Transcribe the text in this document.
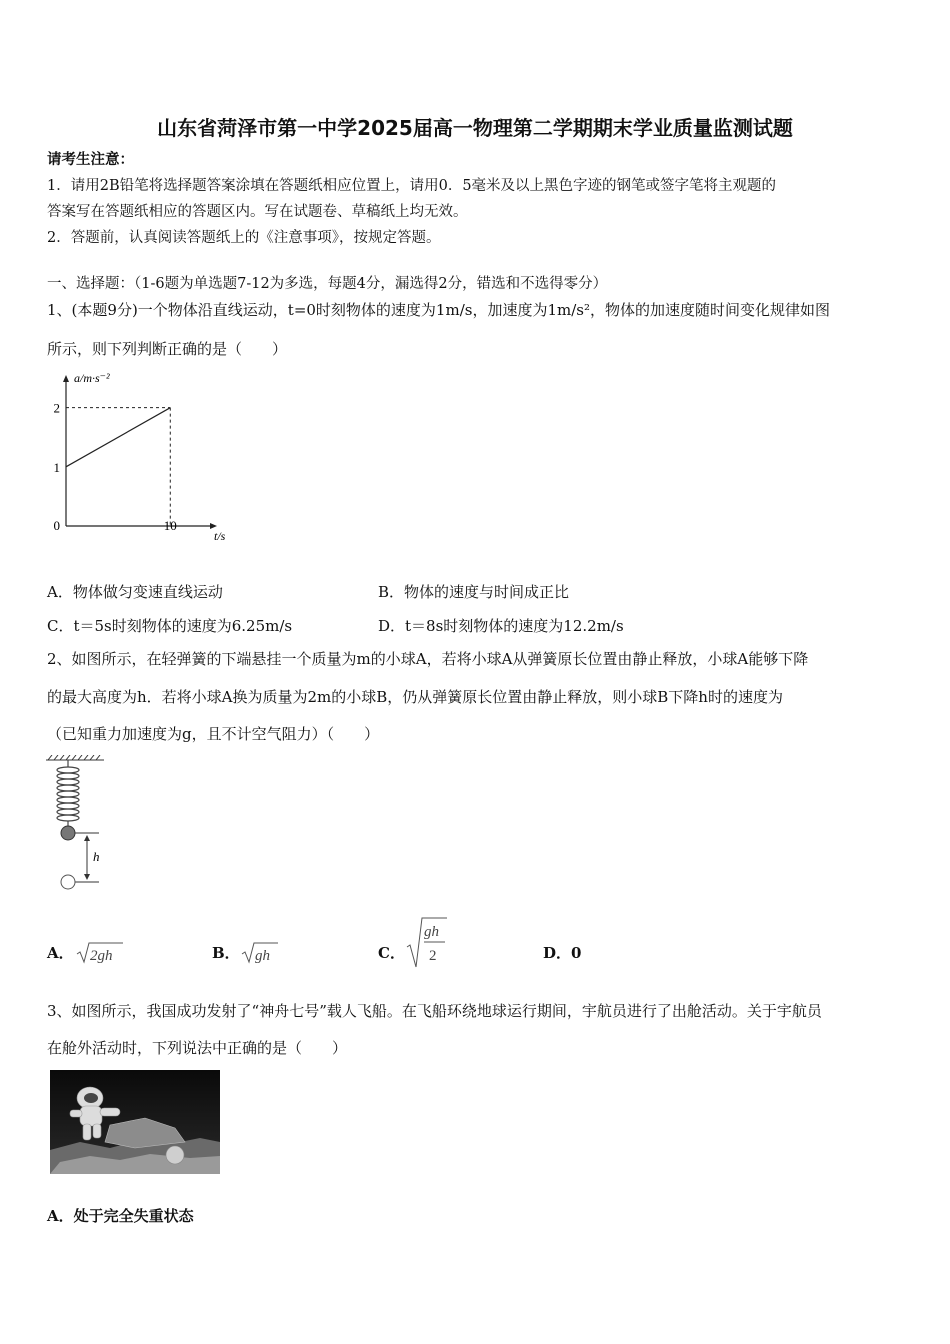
山东省菏泽市第一中学2025届高一物理第二学期期末学业质量监测试题
请考生注意：
1．请用2B铅笔将选择题答案涂填在答题纸相应位置上，请用0．5毫米及以上黑色字迹的钢笔或签字笔将主观题的
答案写在答题纸相应的答题区内。写在试题卷、草稿纸上均无效。
2．答题前，认真阅读答题纸上的《注意事项》，按规定答题。
一、选择题：（1-6题为单选题7-12为多选，每题4分，漏选得2分，错选和不选得零分）
1、(本题9分)一个物体沿直线运动，t=0时刻物体的速度为1m/s，加速度为1m/s²，物体的加速度随时间变化规律如图
所示，则下列判断正确的是（　　）
0	10
1
2
t/s
a/m·s⁻²
A．物体做匀变速直线运动	B．物体的速度与时间成正比
C．t＝5s时刻物体的速度为6.25m/s	D．t＝8s时刻物体的速度为12.2m/s
2、如图所示，在轻弹簧的下端悬挂一个质量为m的小球A，若将小球A从弹簧原长位置由静止释放，小球A能够下降
的最大高度为h．若将小球A换为质量为2m的小球B，仍从弹簧原长位置由静止释放，则小球B下降h时的速度为
（已知重力加速度为g，且不计空气阻力）（　　）
h
A． 2gh	B． gh	C．
gh
2	D．0
3、如图所示，我国成功发射了“神舟七号”载人飞船。在飞船环绕地球运行期间，宇航员进行了出舱活动。关于宇航员
在舱外活动时，下列说法中正确的是（　　）
A．处于完全失重状态
